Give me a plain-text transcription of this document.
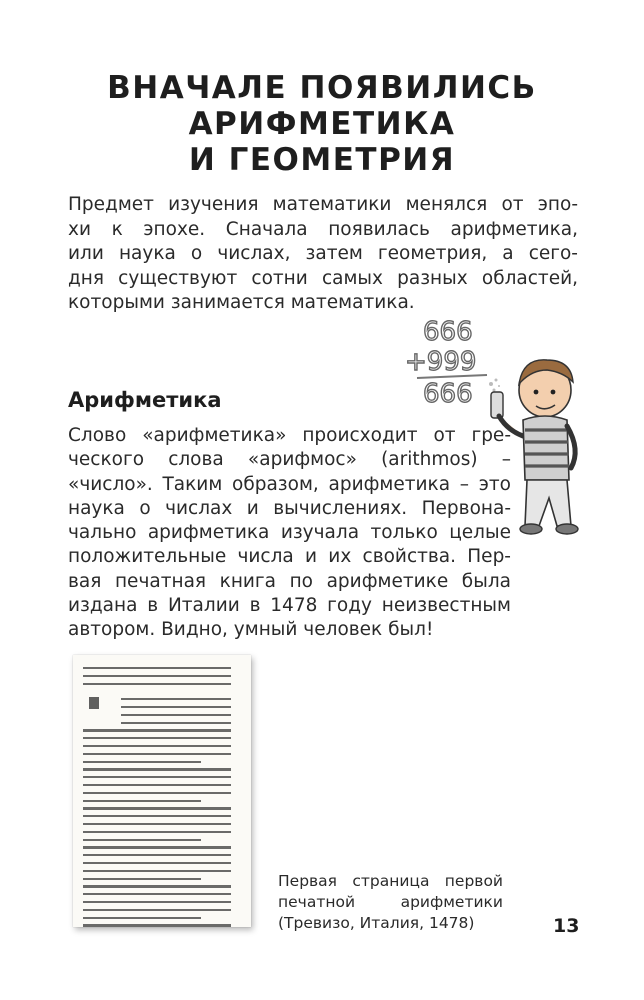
ВНАЧАЛЕ ПОЯВИЛИСЬ
АРИФМЕТИКА
И ГЕОМЕТРИЯ
Предмет изучения математики менялся от эпо-
хи к эпохе. Сначала появилась арифметика,
или наука о числах, затем геометрия, а сего-
дня существуют сотни самых разных областей,
которыми занимается математика.
666
+999
666
Арифметика
Слово «арифметика» происходит от гре-
ческого слова «арифмос» (arithmos) –
«число». Таким образом, арифметика – это
наука о числах и вычислениях. Первона-
чально арифметика изучала только целые
положительные числа и их свойства. Пер-
вая печатная книга по арифметике была
издана в Италии в 1478 году неизвестным
автором. Видно, умный человек был!
Первая страница первой
печатной арифметики
(Тревизо, Италия, 1478)	13
